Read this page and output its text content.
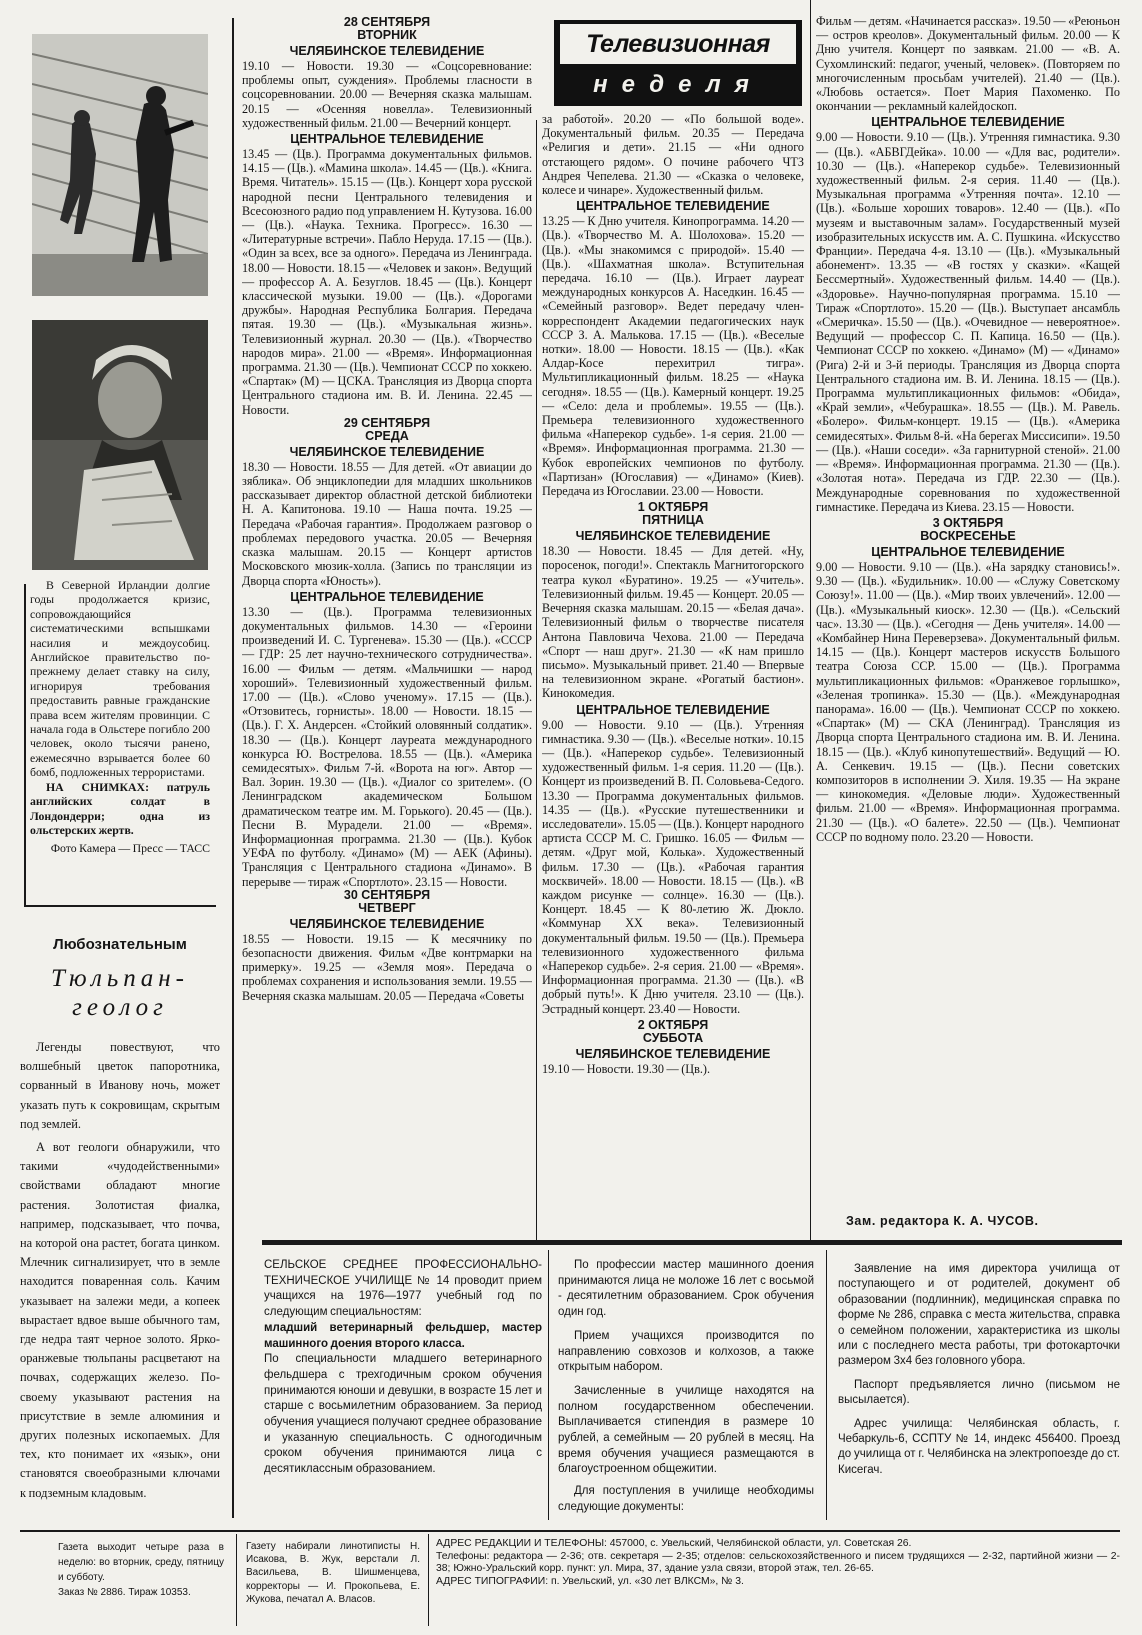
В Северной Ирландии долгие годы продолжается кризис, сопровождающийся систематическими вспышками насилия и междоусобиц. Английское правительство по-прежнему делает ставку на силу, игнорируя требования предоставить равные гражданские права всем жителям провинции. С начала года в Ольстере погибло 200 человек, около тысячи ранено, ежемесячно взрывается более 60 бомб, подложенных террористами.

НА СНИМКАХ: патруль английских солдат в Лондондерри; одна из ольстерских жертв.

Фото Камера — Пресс — ТАСС
Любознательным
Тюльпан-
геолог

Легенды повествуют, что волшебный цветок папоротника, сорванный в Иванову ночь, может указать путь к сокровищам, скрытым под землей.

А вот геологи обнаружили, что такими «чудодейственными» свойствами обладают многие растения. Золотистая фиалка, например, подсказывает, что почва, на которой она растет, богата цинком. Млечник сигнализирует, что в земле находится поваренная соль. Качим указывает на залежи меди, а копеек вырастает вдвое выше обычного там, где недра таят черное золото. Ярко-оранжевые тюльпаны расцветают на почвах, содержащих железо. По-своему указывают растения на присутствие в земле алюминия и других полезных ископаемых. Для тех, кто понимает их «язык», они становятся своеобразными ключами к подземным кладовым.

28 СЕНТЯБРЯ
ВТОРНИК
ЧЕЛЯБИНСКОЕ ТЕЛЕВИДЕНИЕ
19.10 — Новости. 19.30 — «Соцсоревнование: проблемы опыт, суждения». Проблемы гласности в соцсоревновании. 20.00 — Вечерняя сказка малышам. 20.15 — «Осенняя новелла». Телевизионный художественный фильм. 21.00 — Вечерний концерт.
ЦЕНТРАЛЬНОЕ ТЕЛЕВИДЕНИЕ
13.45 — (Цв.). Программа документальных фильмов. 14.15 — (Цв.). «Мамина школа». 14.45 — (Цв.). «Книга. Время. Читатель». 15.15 — (Цв.). Концерт хора русской народной песни Центрального телевидения и Всесоюзного радио под управлением Н. Кутузова. 16.00 — (Цв.). «Наука. Техника. Прогресс». 16.30 — «Литературные встречи». Пабло Неруда. 17.15 — (Цв.). «Один за всех, все за одного». Передача из Ленинграда. 18.00 — Новости. 18.15 — «Человек и закон». Ведущий — профессор А. А. Безуглов. 18.45 — (Цв.). Концерт классической музыки. 19.00 — (Цв.). «Дорогами дружбы». Народная Республика Болгария. Передача пятая. 19.30 — (Цв.). «Музыкальная жизнь». Телевизионный журнал. 20.30 — (Цв.). «Творчество народов мира». 21.00 — «Время». Информационная программа. 21.30 — (Цв.). Чемпионат СССР по хоккею. «Спартак» (М) — ЦСКА. Трансляция из Дворца спорта Центрального стадиона им. В. И. Ленина. 22.45 — Новости.
29 СЕНТЯБРЯ
СРЕДА
ЧЕЛЯБИНСКОЕ ТЕЛЕВИДЕНИЕ
18.30 — Новости. 18.55 — Для детей. «От авиации до зяблика». Об энциклопедии для младших школьников рассказывает директор областной детской библиотеки Н. А. Капитонова. 19.10 — Наша почта. 19.25 — Передача «Рабочая гарантия». Продолжаем разговор о проблемах передового участка. 20.05 — Вечерняя сказка малышам. 20.15 — Концерт артистов Московского мюзик-холла. (Запись по трансляции из Дворца спорта «Юность»).
ЦЕНТРАЛЬНОЕ ТЕЛЕВИДЕНИЕ
13.30 — (Цв.). Программа телевизионных документальных фильмов. 14.30 — «Героини произведений И. С. Тургенева». 15.30 — (Цв.). «СССР — ГДР: 25 лет научно-технического сотрудничества». 16.00 — Фильм — детям. «Мальчишки — народ хороший». Телевизионный художественный фильм. 17.00 — (Цв.). «Слово ученому». 17.15 — (Цв.). «Отзовитесь, горнисты». 18.00 — Новости. 18.15 — (Цв.). Г. Х. Андерсен. «Стойкий оловянный солдатик». 18.30 — (Цв.). Концерт лауреата международного конкурса Ю. Вострелова. 18.55 — (Цв.). «Америка семидесятых». Фильм 7-й. «Ворота на юг». Автор — Вал. Зорин. 19.30 — (Цв.). «Диалог со зрителем». (О Ленинградском академическом Большом драматическом театре им. М. Горького). 20.45 — (Цв.). Песни В. Мурадели. 21.00 — «Время». Информационная программа. 21.30 — (Цв.). Кубок УЕФА по футболу. «Динамо» (М) — АЕК (Афины). Трансляция с Центрального стадиона «Динамо». В перерыве — тираж «Спортлото». 23.15 — Новости.
30 СЕНТЯБРЯ
ЧЕТВЕРГ
ЧЕЛЯБИНСКОЕ ТЕЛЕВИДЕНИЕ
18.55 — Новости. 19.15 — К месячнику по безопасности движения. Фильм «Две контрмарки на примерку». 19.25 — «Земля моя». Передача о проблемах сохранения и использования земли. 19.55 — Вечерняя сказка малышам. 20.05 — Передача «Советы
Телевизионная
неделя
за работой». 20.20 — «По большой воде». Документальный фильм. 20.35 — Передача «Религия и дети». 21.15 — «Ни одного отстающего рядом». О почине рабочего ЧТЗ Андрея Чепелева. 21.30 — «Сказка о человеке, колесе и чинаре». Художественный фильм.
ЦЕНТРАЛЬНОЕ ТЕЛЕВИДЕНИЕ
13.25 — К Дню учителя. Кинопрограмма. 14.20 — (Цв.). «Творчество М. А. Шолохова». 15.20 — (Цв.). «Мы знакомимся с природой». 15.40 — (Цв.). «Шахматная школа». Вступительная передача. 16.10 — (Цв.). Играет лауреат международных конкурсов А. Наседкин. 16.45 — «Семейный разговор». Ведет передачу член-корреспондент Академии педагогических наук СССР З. А. Малькова. 17.15 — (Цв.). «Веселые нотки». 18.00 — Новости. 18.15 — (Цв.). «Как Алдар-Косе перехитрил тигра». Мультипликационный фильм. 18.25 — «Наука сегодня». 18.55 — (Цв.). Камерный концерт. 19.25 — «Село: дела и проблемы». 19.55 — (Цв.). Премьера телевизионного художественного фильма «Наперекор судьбе». 1-я серия. 21.00 — «Время». Информационная программа. 21.30 — Кубок европейских чемпионов по футболу. «Партизан» (Югославия) — «Динамо» (Киев). Передача из Югославии. 23.00 — Новости.
1 ОКТЯБРЯ
ПЯТНИЦА
ЧЕЛЯБИНСКОЕ ТЕЛЕВИДЕНИЕ
18.30 — Новости. 18.45 — Для детей. «Ну, поросенок, погоди!». Спектакль Магнитогорского театра кукол «Буратино». 19.25 — «Учитель». Телевизионный фильм. 19.45 — Концерт. 20.05 — Вечерняя сказка малышам. 20.15 — «Белая дача». Телевизионный фильм о творчестве писателя Антона Павловича Чехова. 21.00 — Передача «Спорт — наш друг». 21.30 — «К нам пришло письмо». Музыкальный привет. 21.40 — Впервые на телевизионном экране. «Рогатый бастион». Кинокомедия.
ЦЕНТРАЛЬНОЕ ТЕЛЕВИДЕНИЕ
9.00 — Новости. 9.10 — (Цв.). Утренняя гимнастика. 9.30 — (Цв.). «Веселые нотки». 10.15 — (Цв.). «Наперекор судьбе». Телевизионный художественный фильм. 1-я серия. 11.20 — (Цв.). Концерт из произведений В. П. Соловьева-Седого. 13.30 — Программа документальных фильмов. 14.35 — (Цв.). «Русские путешественники и исследователи». 15.05 — (Цв.). Концерт народного артиста СССР М. С. Гришко. 16.05 — Фильм — детям. «Друг мой, Колька». Художественный фильм. 17.30 — (Цв.). «Рабочая гарантия москвичей». 18.00 — Новости. 18.15 — (Цв.). «В каждом рисунке — солнце». 16.30 — (Цв.). Концерт. 18.45 — К 80-летию Ж. Дюкло. «Коммунар XX века». Телевизионный документальный фильм. 19.50 — (Цв.). Премьера телевизионного художественного фильма «Наперекор судьбе». 2-я серия. 21.00 — «Время». Информационная программа. 21.30 — (Цв.). «В добрый путь!». К Дню учителя. 23.10 — (Цв.). Эстрадный концерт. 23.40 — Новости.
2 ОКТЯБРЯ
СУББОТА
ЧЕЛЯБИНСКОЕ ТЕЛЕВИДЕНИЕ
19.10 — Новости. 19.30 — (Цв.).
Фильм — детям. «Начинается рассказ». 19.50 — «Реюньон — остров креолов». Документальный фильм. 20.00 — К Дню учителя. Концерт по заявкам. 21.00 — «В. А. Сухомлинский: педагог, ученый, человек». (Повторяем по многочисленным просьбам учителей). 21.40 — (Цв.). «Любовь остается». Поет Мария Пахоменко. По окончании — рекламный калейдоскоп.
ЦЕНТРАЛЬНОЕ ТЕЛЕВИДЕНИЕ
9.00 — Новости. 9.10 — (Цв.). Утренняя гимнастика. 9.30 — (Цв.). «АБВГДейка». 10.00 — «Для вас, родители». 10.30 — (Цв.). «Наперекор судьбе». Телевизионный художественный фильм. 2-я серия. 11.40 — (Цв.). Музыкальная программа «Утренняя почта». 12.10 — (Цв.). «Больше хороших товаров». 12.40 — (Цв.). «По музеям и выставочным залам». Государственный музей изобразительных искусств им. А. С. Пушкина. «Искусство Франции». Передача 4-я. 13.10 — (Цв.). «Музыкальный абонемент». 13.35 — «В гостях у сказки». «Кащей Бессмертный». Художественный фильм. 14.40 — (Цв.). «Здоровье». Научно-популярная программа. 15.10 — Тираж «Спортлото». 15.20 — (Цв.). Выступает ансамбль «Смеричка». 15.50 — (Цв.). «Очевидное — невероятное». Ведущий — профессор С. П. Капица. 16.50 — (Цв.). Чемпионат СССР по хоккею. «Динамо» (М) — «Динамо» (Рига) 2-й и 3-й периоды. Трансляция из Дворца спорта Центрального стадиона им. В. И. Ленина. 18.15 — (Цв.). Программа мультипликационных фильмов: «Обида», «Край земли», «Чебурашка». 18.55 — (Цв.). М. Равель. «Болеро». Фильм-концерт. 19.15 — (Цв.). «Америка семидесятых». Фильм 8-й. «На берегах Миссисипи». 19.50 — (Цв.). «Наши соседи». «За гарнитурной стеной». 21.00 — «Время». Информационная программа. 21.30 — (Цв.). «Золотая нота». Передача из ГДР. 22.30 — (Цв.). Международные соревнования по художественной гимнастике. Передача из Киева. 23.15 — Новости.
3 ОКТЯБРЯ
ВОСКРЕСЕНЬЕ
ЦЕНТРАЛЬНОЕ ТЕЛЕВИДЕНИЕ
9.00 — Новости. 9.10 — (Цв.). «На зарядку становись!». 9.30 — (Цв.). «Будильник». 10.00 — «Служу Советскому Союзу!». 11.00 — (Цв.). «Мир твоих увлечений». 12.00 — (Цв.). «Музыкальный киоск». 12.30 — (Цв.). «Сельский час». 13.30 — (Цв.). «Сегодня — День учителя». 14.00 — «Комбайнер Нина Переверзева». Документальный фильм. 14.15 — (Цв.). Концерт мастеров искусств Большого театра Союза ССР. 15.00 — (Цв.). Программа мультипликационных фильмов: «Оранжевое горлышко», «Зеленая тропинка». 15.30 — (Цв.). «Международная панорама». 16.00 — (Цв.). Чемпионат СССР по хоккею. «Спартак» (М) — СКА (Ленинград). Трансляция из Дворца спорта Центрального стадиона им. В. И. Ленина. 18.15 — (Цв.). «Клуб кинопутешествий». Ведущий — Ю. А. Сенкевич. 19.15 — (Цв.). Песни советских композиторов в исполнении Э. Хиля. 19.35 — На экране — кинокомедия. «Деловые люди». Художественный фильм. 21.00 — «Время». Информационная программа. 21.30 — (Цв.). «О балете». 22.50 — (Цв.). Чемпионат СССР по водному поло. 23.20 — Новости.
Зам. редактора К. А. ЧУСОВ.
СЕЛЬСКОЕ СРЕДНЕЕ ПРОФЕССИОНАЛЬНО-ТЕХНИЧЕСКОЕ УЧИЛИЩЕ № 14 проводит прием учащихся на 1976—1977 учебный год по следующим специальностям:
младший ветеринарный фельдшер, мастер машинного доения второго класса.
По специальности младшего ветеринарного фельдшера с трехгодичным сроком обучения принимаются юноши и девушки, в возрасте 15 лет и старше с восьмилетним образованием. За период обучения учащиеся получают среднее образование и указанную специальность. С одногодичным сроком обучения принимаются лица с десятиклассным образованием.

По профессии мастер машинного доения принимаются лица не моложе 16 лет с восьмой - десятилетним образованием. Срок обучения один год.

Прием учащихся производится по направлению совхозов и колхозов, а также открытым набором.

Зачисленные в училище находятся на полном государственном обеспечении. Выплачивается стипендия в размере 10 рублей, а семейным — 20 рублей в месяц. На время обучения учащиеся размещаются в благоустроенном общежитии.

Для поступления в училище необходимы следующие документы:

Заявление на имя директора училища от поступающего и от родителей, документ об образовании (подлинник), медицинская справка по форме № 286, справка с места жительства, справка о семейном положении, характеристика из школы или с последнего места работы, три фотокарточки размером 3х4 без головного убора.

Паспорт предъявляется лично (письмом не высылается).

Адрес училища: Челябинская область, г. Чебаркуль-6, ССПТУ № 14, индекс 456400. Проезд до училища от г. Челябинска на электропоезде до ст. Кисегач.

Газета выходит четыре раза в неделю: во вторник, среду, пятницу и субботу.
Заказ № 2886. Тираж 10353.
Газету набирали линотиписты Н. Исакова, В. Жук, верстали Л. Васильева, В. Шишменцева, корректоры — И. Прокопьева, Е. Жукова, печатал А. Власов.
АДРЕС РЕДАКЦИИ И ТЕЛЕФОНЫ: 457000, с. Увельский, Челябинской области, ул. Советская 26.
Телефоны: редактора — 2-36; отв. секретаря — 2-35; отделов: сельскохозяйственного и писем трудящихся — 2-32, партийной жизни — 2-38; Южно-Уральский корр. пункт: ул. Мира, 37, здание узла связи, второй этаж, тел. 26-65.
АДРЕС ТИПОГРАФИИ: п. Увельский, ул. «30 лет ВЛКСМ», № 3.
